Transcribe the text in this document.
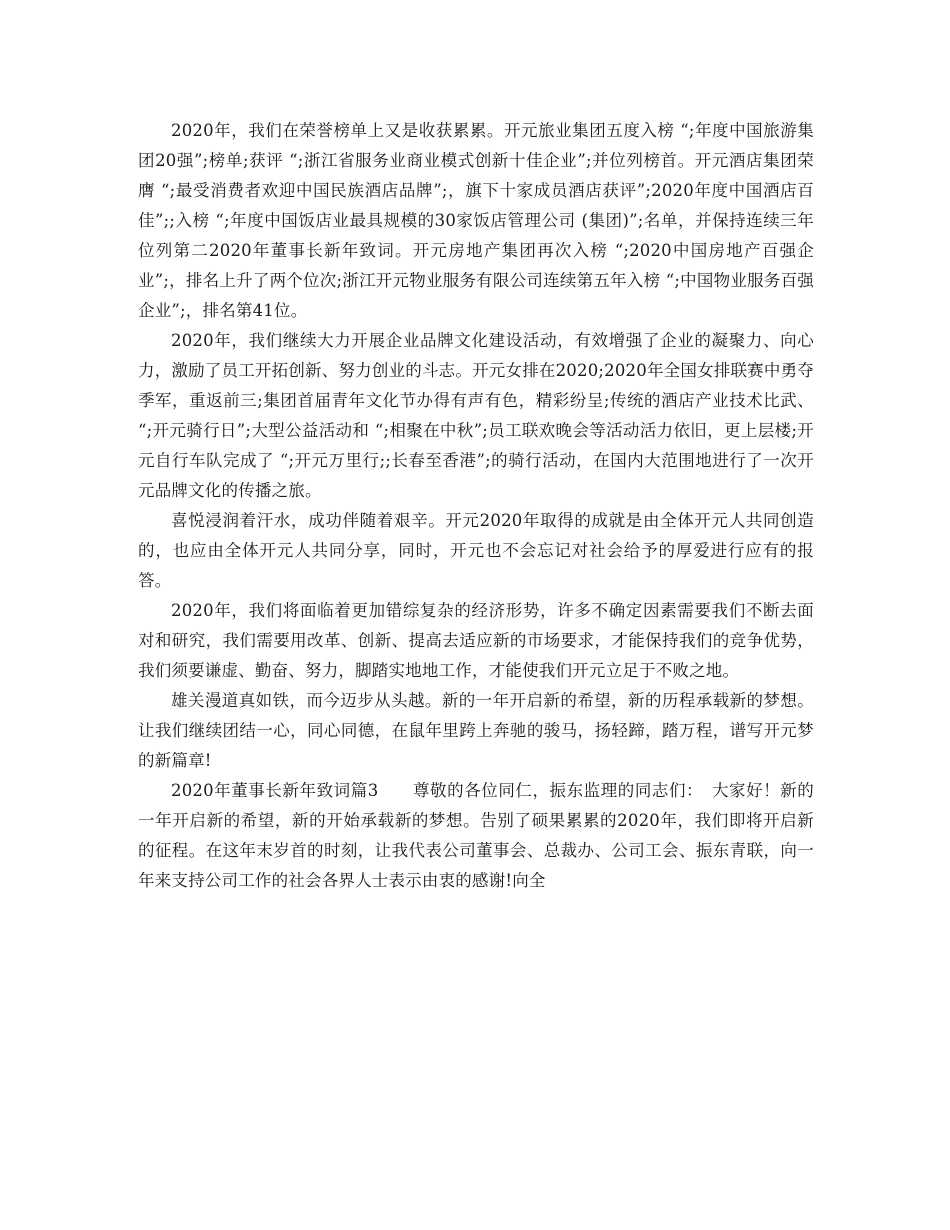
2020年，我们在荣誉榜单上又是收获累累。开元旅业集团五度入榜 “;年度中国旅游集团20强”;榜单;获评 “;浙江省服务业商业模式创新十佳企业”;并位列榜首。开元酒店集团荣膺 “;最受消费者欢迎中国民族酒店品牌”;，旗下十家成员酒店获评”;2020年度中国酒店百佳”;;入榜 “;年度中国饭店业最具规模的30家饭店管理公司 (集团)”;名单，并保持连续三年位列第二2020年董事长新年致词。开元房地产集团再次入榜 “;2020中国房地产百强企业”;，排名上升了两个位次;浙江开元物业服务有限公司连续第五年入榜 “;中国物业服务百强企业”;，排名第41位。

2020年，我们继续大力开展企业品牌文化建设活动，有效增强了企业的凝聚力、向心力，激励了员工开拓创新、努力创业的斗志。开元女排在2020;2020年全国女排联赛中勇夺季军，重返前三;集团首届青年文化节办得有声有色，精彩纷呈;传统的酒店产业技术比武、 “;开元骑行日”;大型公益活动和 “;相聚在中秋”;员工联欢晚会等活动活力依旧，更上层楼;开元自行车队完成了 “;开元万里行;;长春至香港”;的骑行活动，在国内大范围地进行了一次开元品牌文化的传播之旅。

喜悦浸润着汗水，成功伴随着艰辛。开元2020年取得的成就是由全体开元人共同创造的，也应由全体开元人共同分享，同时，开元也不会忘记对社会给予的厚爱进行应有的报答。

2020年，我们将面临着更加错综复杂的经济形势，许多不确定因素需要我们不断去面对和研究，我们需要用改革、创新、提高去适应新的市场要求，才能保持我们的竞争优势，我们须要谦虚、勤奋、努力，脚踏实地地工作，才能使我们开元立足于不败之地。

雄关漫道真如铁，而今迈步从头越。新的一年开启新的希望，新的历程承载新的梦想。让我们继续团结一心，同心同德，在鼠年里跨上奔驰的骏马，扬轻蹄，踏万程，谱写开元梦的新篇章!

2020年董事长新年致词篇3　　尊敬的各位同仁，振东监理的同志们：　大家好！新的一年开启新的希望，新的开始承载新的梦想。告别了硕果累累的2020年，我们即将开启新的征程。在这年末岁首的时刻，让我代表公司董事会、总裁办、公司工会、振东青联，向一年来支持公司工作的社会各界人士表示由衷的感谢!向全
